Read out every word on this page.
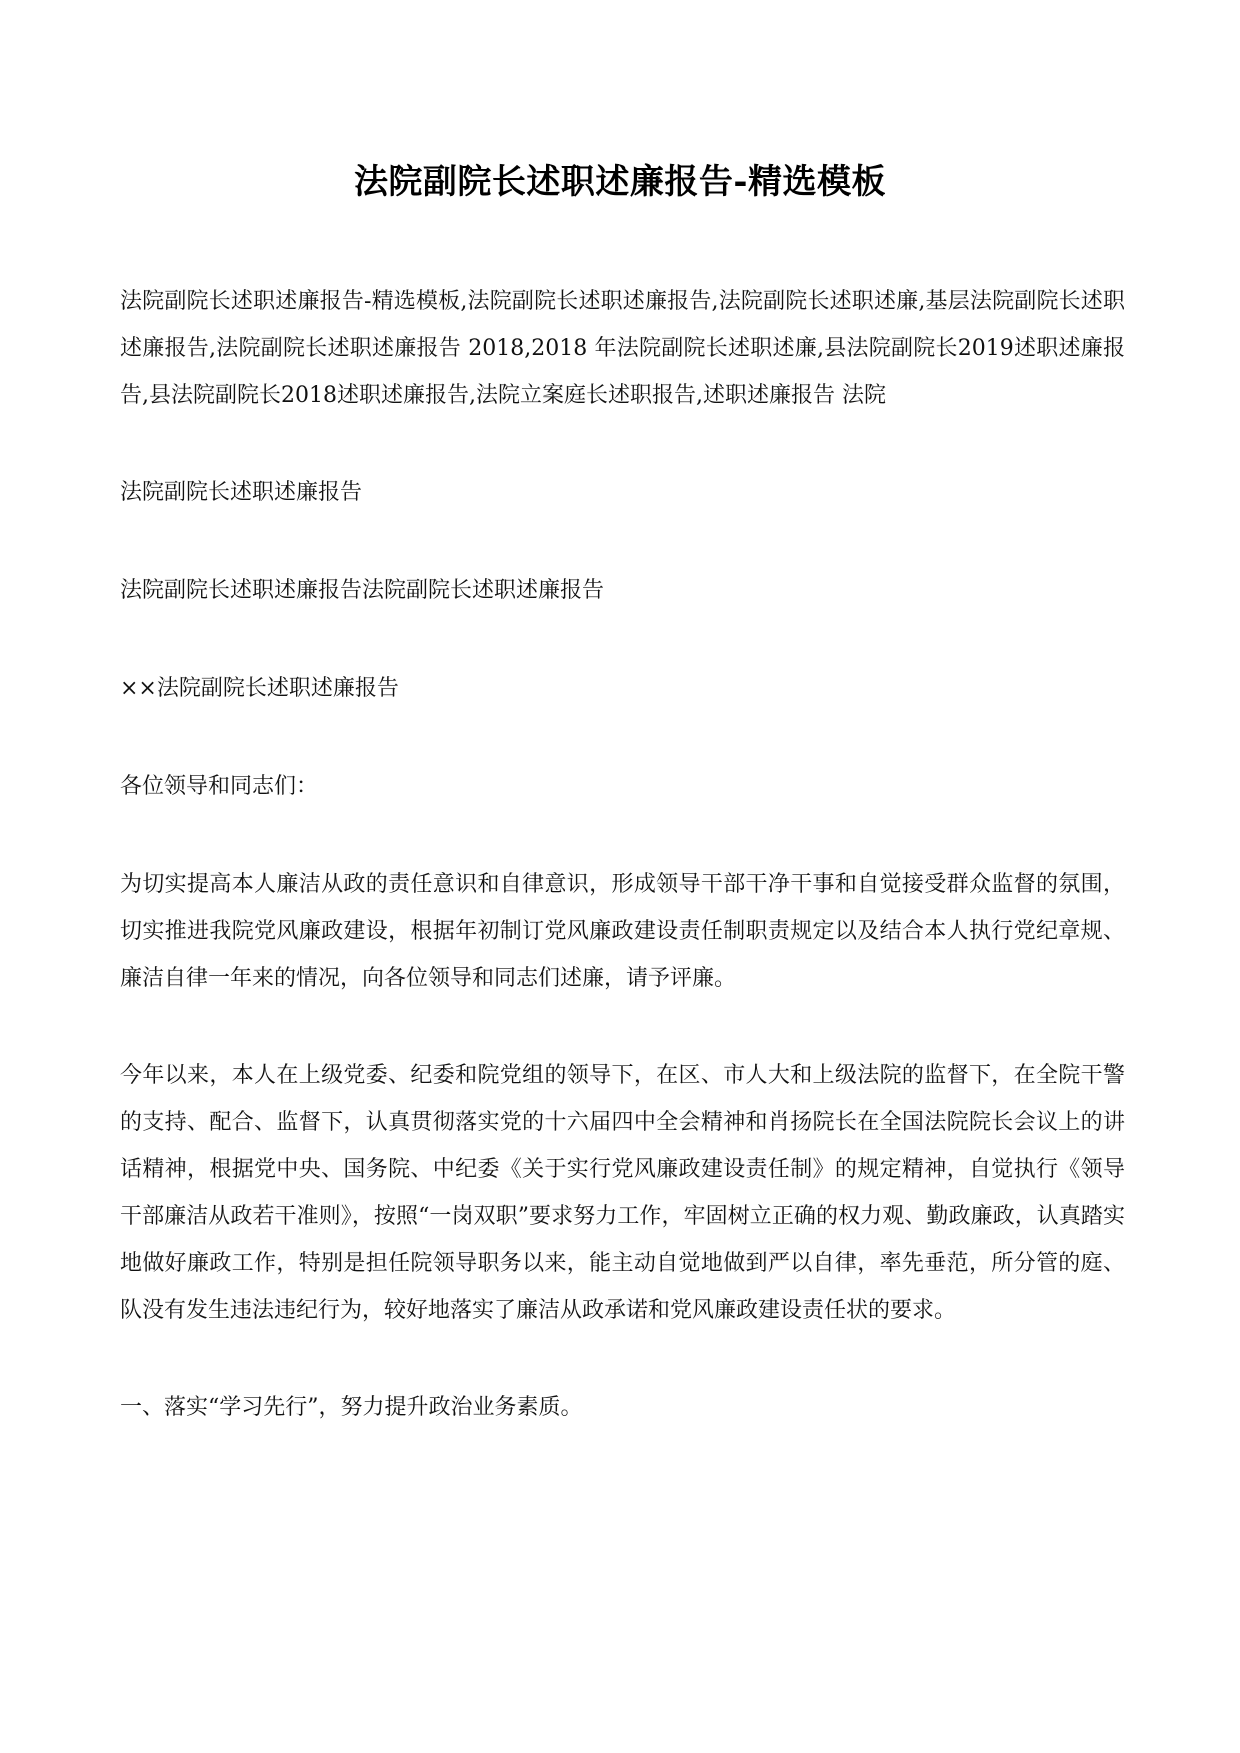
法院副院长述职述廉报告-精选模板

法院副院长述职述廉报告-精选模板,法院副院长述职述廉报告,法院副院长述职述廉,基层法院副院长述职述廉报告,法院副院长述职述廉报告 2018,2018 年法院副院长述职述廉,县法院副院长2019述职述廉报告,县法院副院长2018述职述廉报告,法院立案庭长述职报告,述职述廉报告 法院

法院副院长述职述廉报告

法院副院长述职述廉报告法院副院长述职述廉报告

××法院副院长述职述廉报告

各位领导和同志们：

为切实提高本人廉洁从政的责任意识和自律意识，形成领导干部干净干事和自觉接受群众监督的氛围，切实推进我院党风廉政建设，根据年初制订党风廉政建设责任制职责规定以及结合本人执行党纪章规、廉洁自律一年来的情况，向各位领导和同志们述廉，请予评廉。

今年以来，本人在上级党委、纪委和院党组的领导下，在区、市人大和上级法院的监督下，在全院干警的支持、配合、监督下，认真贯彻落实党的十六届四中全会精神和肖扬院长在全国法院院长会议上的讲话精神，根据党中央、国务院、中纪委《关于实行党风廉政建设责任制》的规定精神，自觉执行《领导干部廉洁从政若干准则》，按照“一岗双职”要求努力工作，牢固树立正确的权力观、勤政廉政，认真踏实地做好廉政工作，特别是担任院领导职务以来，能主动自觉地做到严以自律，率先垂范，所分管的庭、队没有发生违法违纪行为，较好地落实了廉洁从政承诺和党风廉政建设责任状的要求。

一、落实“学习先行”，努力提升政治业务素质。
